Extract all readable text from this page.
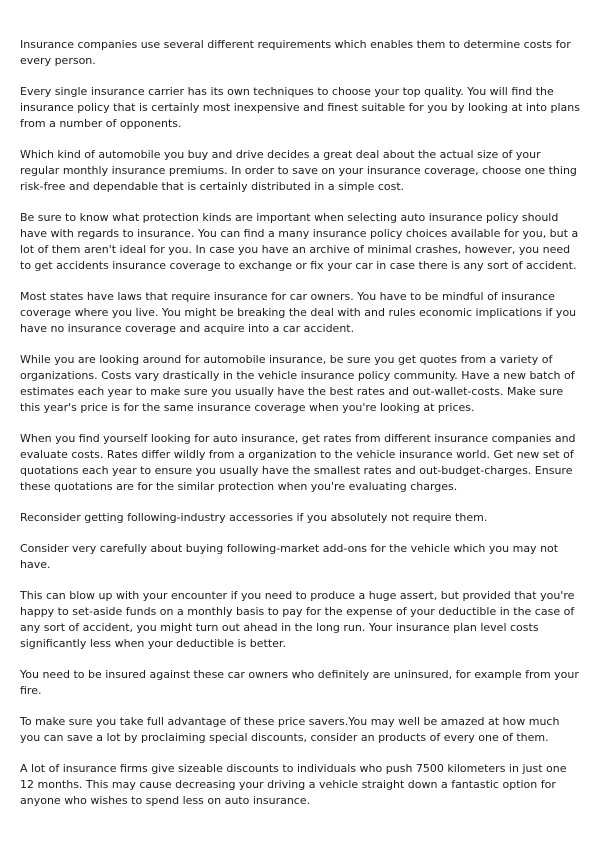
Insurance companies use several different requirements which enables them to determine costs for every person.

Every single insurance carrier has its own techniques to choose your top quality. You will find the insurance policy that is certainly most inexpensive and finest suitable for you by looking at into plans from a number of opponents.

Which kind of automobile you buy and drive decides a great deal about the actual size of your regular monthly insurance premiums. In order to save on your insurance coverage, choose one thing risk-free and dependable that is certainly distributed in a simple cost.

Be sure to know what protection kinds are important when selecting auto insurance policy should have with regards to insurance. You can find a many insurance policy choices available for you, but a lot of them aren't ideal for you. In case you have an archive of minimal crashes, however, you need to get accidents insurance coverage to exchange or fix your car in case there is any sort of accident.

Most states have laws that require insurance for car owners. You have to be mindful of insurance coverage where you live. You might be breaking the deal with and rules economic implications if you have no insurance coverage and acquire into a car accident.

While you are looking around for automobile insurance, be sure you get quotes from a variety of organizations. Costs vary drastically in the vehicle insurance policy community. Have a new batch of estimates each year to make sure you usually have the best rates and out-wallet-costs. Make sure this year's price is for the same insurance coverage when you're looking at prices.

When you find yourself looking for auto insurance, get rates from different insurance companies and evaluate costs. Rates differ wildly from a organization to the vehicle insurance world. Get new set of quotations each year to ensure you usually have the smallest rates and out-budget-charges. Ensure these quotations are for the similar protection when you're evaluating charges.

Reconsider getting following-industry accessories if you absolutely not require them.

Consider very carefully about buying following-market add-ons for the vehicle which you may not have.

This can blow up with your encounter if you need to produce a huge assert, but provided that you're happy to set-aside funds on a monthly basis to pay for the expense of your deductible in the case of any sort of accident, you might turn out ahead in the long run. Your insurance plan level costs significantly less when your deductible is better.

You need to be insured against these car owners who definitely are uninsured, for example from your fire.

To make sure you take full advantage of these price savers.You may well be amazed at how much you can save a lot by proclaiming special discounts, consider an products of every one of them.

A lot of insurance firms give sizeable discounts to individuals who push 7500 kilometers in just one 12 months. This may cause decreasing your driving a vehicle straight down a fantastic option for anyone who wishes to spend less on auto insurance.
